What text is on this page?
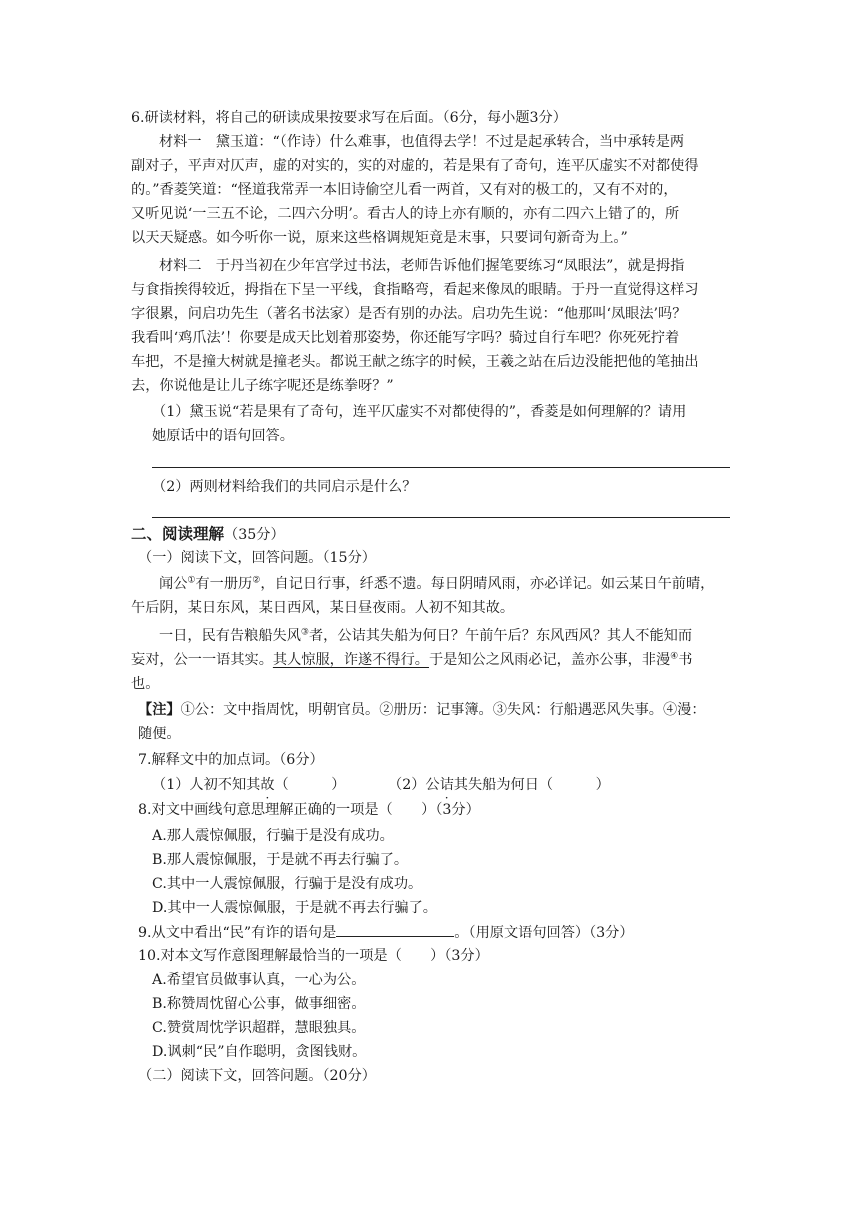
6.研读材料，将自己的研读成果按要求写在后面。（6分，每小题3分）
材料一　黛玉道：“（作诗）什么难事，也值得去学！不过是起承转合，当中承转是两
副对子，平声对仄声，虚的对实的，实的对虚的，若是果有了奇句，连平仄虚实不对都使得
的。”香菱笑道：“怪道我常弄一本旧诗偷空儿看一两首，又有对的极工的，又有不对的，
又听见说‘一三五不论，二四六分明’。看古人的诗上亦有顺的，亦有二四六上错了的，所
以天天疑惑。如今听你一说，原来这些格调规矩竟是末事，只要词句新奇为上。”
材料二　于丹当初在少年宫学过书法，老师告诉他们握笔要练习“凤眼法”，就是拇指
与食指挨得较近，拇指在下呈一平线，食指略弯，看起来像凤的眼睛。于丹一直觉得这样习
字很累，问启功先生（著名书法家）是否有别的办法。启功先生说：“他那叫‘凤眼法’吗？
我看叫‘鸡爪法’！你要是成天比划着那姿势，你还能写字吗？骑过自行车吧？你死死拧着
车把，不是撞大树就是撞老头。都说王献之练字的时候，王羲之站在后边没能把他的笔抽出
去，你说他是让儿子练字呢还是练拳呀？”
（1）黛玉说“若是果有了奇句，连平仄虚实不对都使得的”，香菱是如何理解的？请用
她原话中的语句回答。
（2）两则材料给我们的共同启示是什么？
二、阅读理解（35分）
（一）阅读下文，回答问题。（15分）
闻公①有一册历②，自记日行事，纤悉不遗。每日阴晴风雨，亦必详记。如云某日午前晴，
午后阴，某日东风，某日西风，某日昼夜雨。人初不知其故。
一日，民有告粮船失风③者，公诘其失船为何日？午前午后？东风西风？其人不能知而
妄对，公一一语其实。其人惊服，诈遂不得行。于是知公之风雨必记，盖亦公事，非漫④书
也。
【注】①公：文中指周忱，明朝官员。②册历：记事簿。③失风：行船遇恶风失事。④漫：
随便。
7.解释文中的加点词。（6分）
（1）人初不知其故（　　　）	（2）公诘其失船为何日（　　　）
8.对文中画线句意思理解正确的一项是（　　）（3分）
A.那人震惊佩服，行骗于是没有成功。
B.那人震惊佩服，于是就不再去行骗了。
C.其中一人震惊佩服，行骗于是没有成功。
D.其中一人震惊佩服，于是就不再去行骗了。
9.从文中看出“民”有诈的语句是	。（用原文语句回答）（3分）
10.对本文写作意图理解最恰当的一项是（　　）（3分）
A.希望官员做事认真，一心为公。
B.称赞周忱留心公事，做事细密。
C.赞赏周忱学识超群，慧眼独具。
D.讽刺“民”自作聪明，贪图钱财。
（二）阅读下文，回答问题。（20分）
